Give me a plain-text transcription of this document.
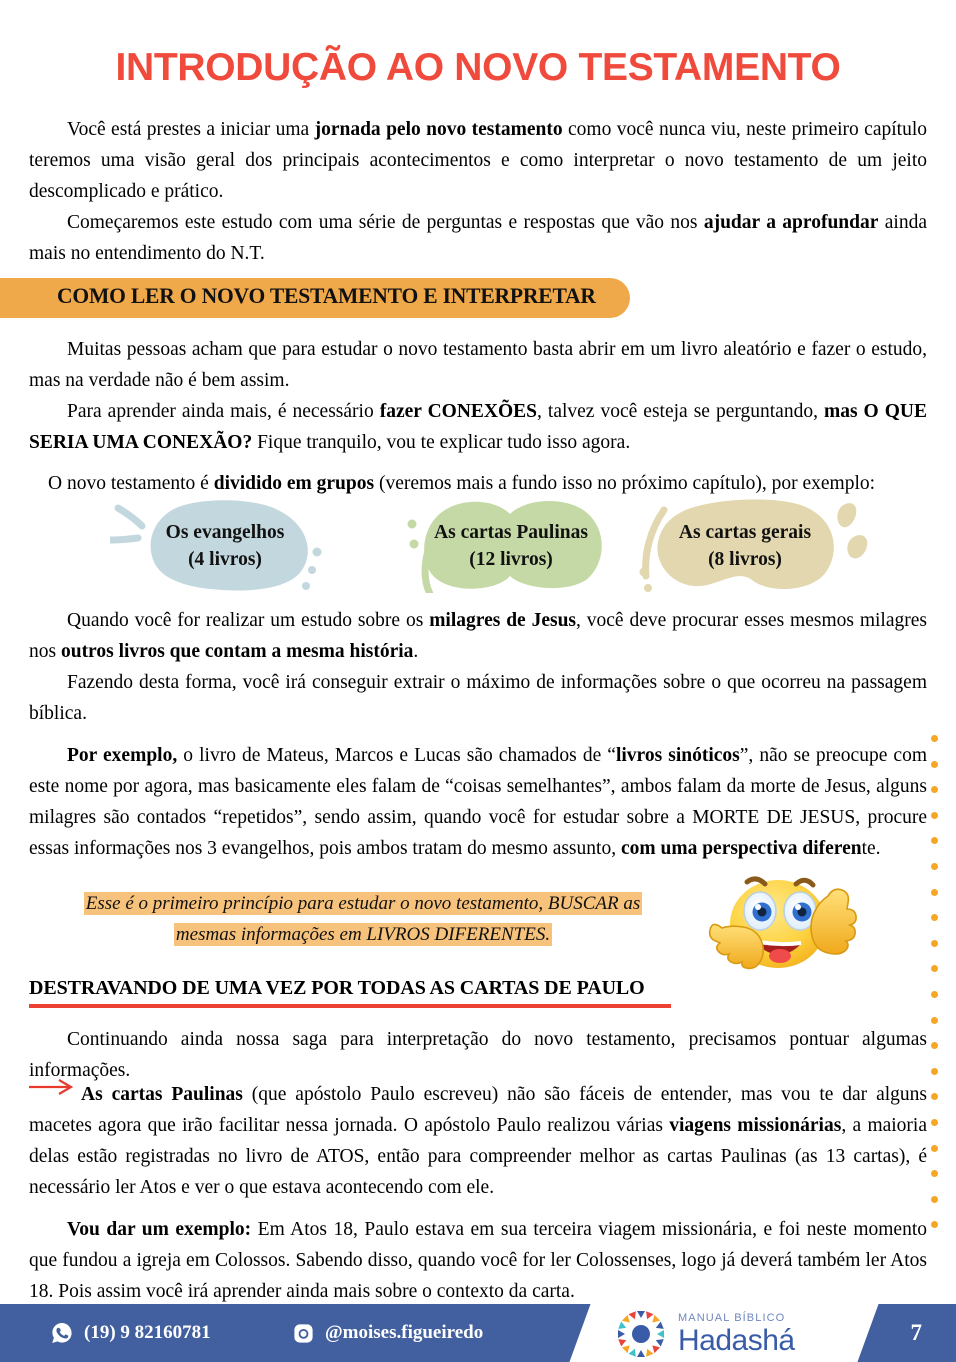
INTRODUÇÃO AO NOVO TESTAMENTO

Você está prestes a iniciar uma jornada pelo novo testamento como você nunca viu, neste primeiro capítulo teremos uma visão geral dos principais acontecimentos e como interpretar o novo testamento de um jeito descomplicado e prático.

Começaremos este estudo com uma série de perguntas e respostas que vão nos ajudar a aprofundar ainda mais no entendimento do N.T.

COMO LER O NOVO TESTAMENTO E INTERPRETAR

Muitas pessoas acham que para estudar o novo testamento basta abrir em um livro aleatório e fazer o estudo, mas na verdade não é bem assim.

Para aprender ainda mais, é necessário fazer CONEXÕES, talvez você esteja se perguntando, mas O QUE SERIA UMA CONEXÃO? Fique tranquilo, vou te explicar tudo isso agora.

O novo testamento é dividido em grupos (veremos mais a fundo isso no próximo capítulo), por exemplo:

Os evangelhos
(4 livros)
As cartas Paulinas
(12 livros)
As cartas gerais
(8 livros)

Quando você for realizar um estudo sobre os milagres de Jesus, você deve procurar esses mesmos milagres nos outros livros que contam a mesma história.

Fazendo desta forma, você irá conseguir extrair o máximo de informações sobre o que ocorreu na passagem bíblica.

Por exemplo, o livro de Mateus, Marcos e Lucas são chamados de “livros sinóticos”, não se preocupe com este nome por agora, mas basicamente eles falam de “coisas semelhantes”, ambos falam da morte de Jesus, alguns milagres são contados “repetidos”, sendo assim, quando você for estudar sobre a MORTE DE JESUS, procure essas informações nos 3 evangelhos, pois ambos tratam do mesmo assunto, com uma perspectiva diferente.

Esse é o primeiro princípio para estudar o novo testamento, BUSCAR as
mesmas informações em LIVROS DIFERENTES.
DESTRAVANDO DE UMA VEZ POR TODAS AS CARTAS DE PAULO

Continuando ainda nossa saga para interpretação do novo testamento, precisamos pontuar algumas informações.

As cartas Paulinas (que apóstolo Paulo escreveu) não são fáceis de entender, mas vou te dar alguns macetes agora que irão facilitar nessa jornada. O apóstolo Paulo realizou várias viagens missionárias, a maioria delas estão registradas no livro de ATOS, então para compreender melhor as cartas Paulinas (as 13 cartas), é necessário ler Atos e ver o que estava acontecendo com ele.

Vou dar um exemplo: Em Atos 18, Paulo estava em sua terceira viagem missionária, e foi neste momento que fundou a igreja em Colossos. Sabendo disso, quando você for ler Colossenses, logo já deverá também ler Atos 18. Pois assim você irá aprender ainda mais sobre o contexto da carta.

(19) 9 82160781	@moises.figueiredo
MANUAL BÍBLICO
Hadashá	7
